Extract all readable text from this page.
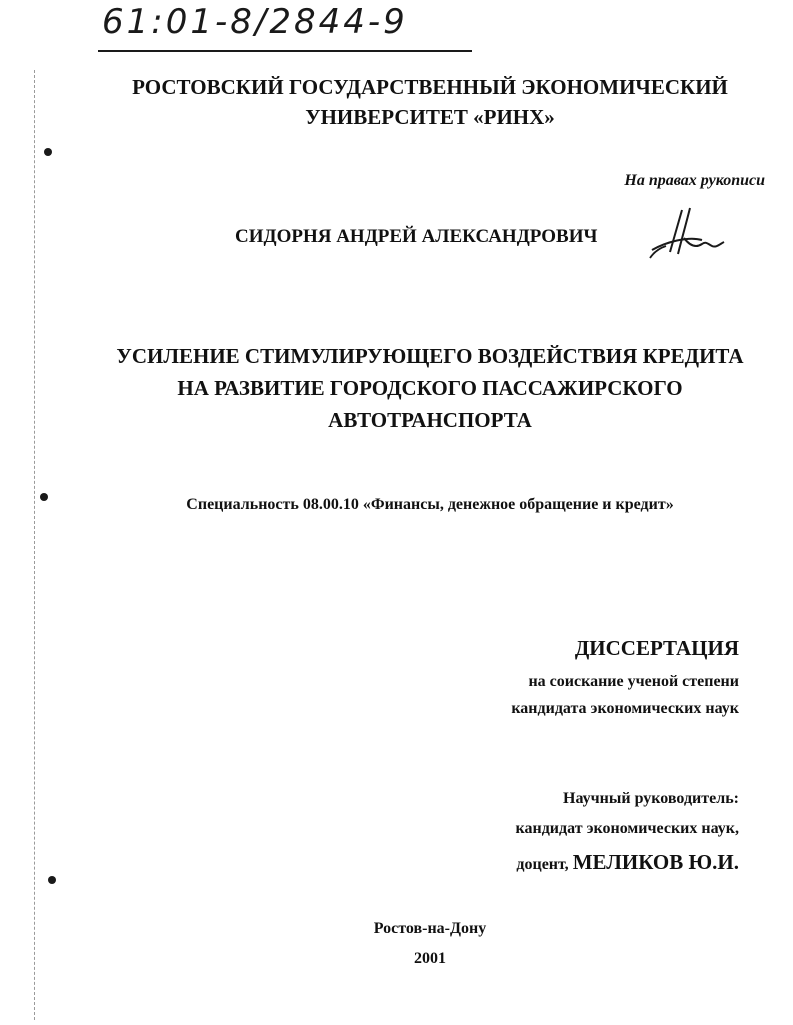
61:01-8/2844-9
РОСТОВСКИЙ ГОСУДАРСТВЕННЫЙ ЭКОНОМИЧЕСКИЙ
УНИВЕРСИТЕТ «РИНХ»
На правах рукописи
СИДОРНЯ АНДРЕЙ АЛЕКСАНДРОВИЧ
УСИЛЕНИЕ СТИМУЛИРУЮЩЕГО ВОЗДЕЙСТВИЯ КРЕДИТА
НА РАЗВИТИЕ ГОРОДСКОГО ПАССАЖИРСКОГО
АВТОТРАНСПОРТА
Специальность 08.00.10 «Финансы, денежное обращение и кредит»
ДИССЕРТАЦИЯ
на соискание ученой степени
кандидата экономических наук
Научный руководитель:
кандидат экономических наук,
доцент, МЕЛИКОВ Ю.И.
Ростов-на-Дону
2001
